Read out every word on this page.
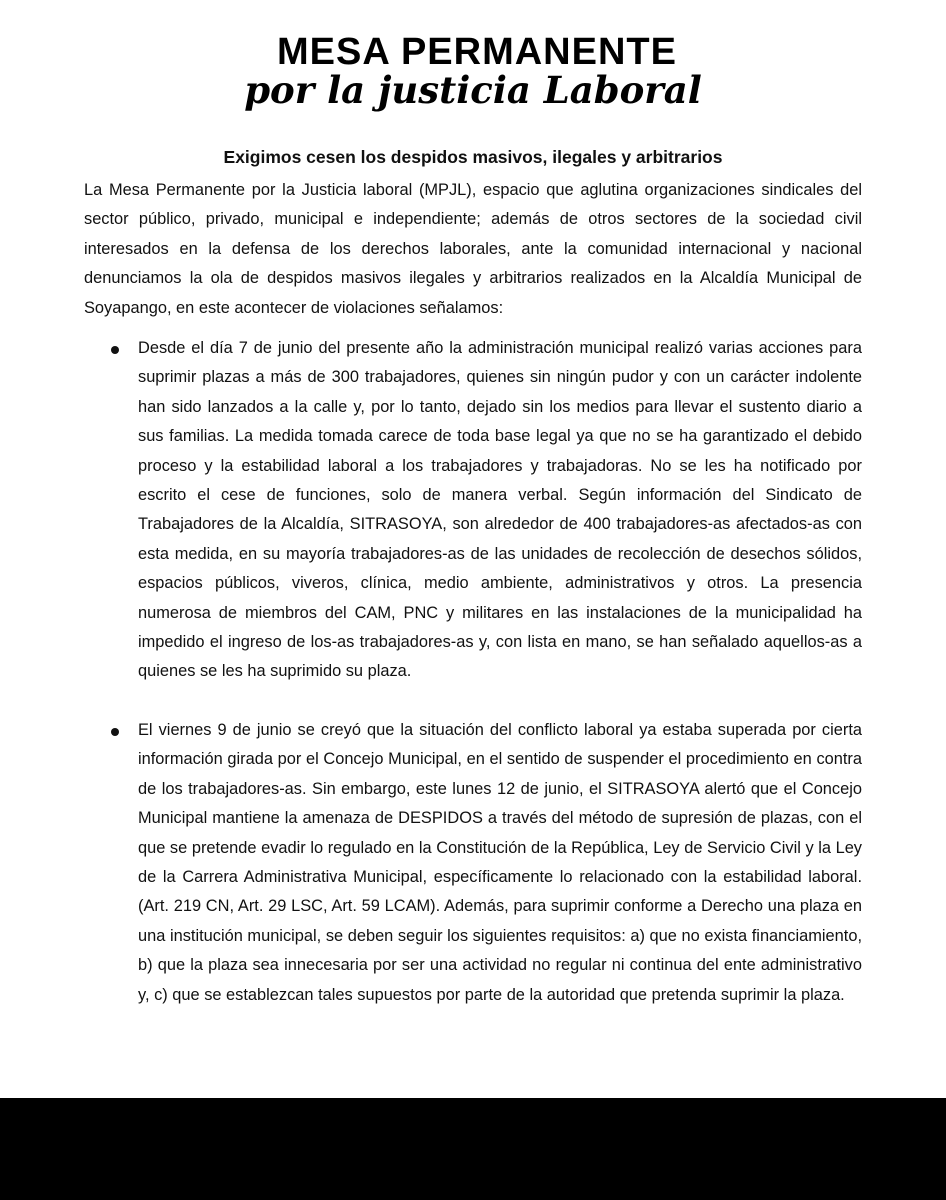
MESA PERMANENTE
por la justicia Laboral
Exigimos cesen los despidos masivos, ilegales y arbitrarios

La Mesa Permanente por la Justicia laboral (MPJL), espacio que aglutina organizaciones sindicales del sector público, privado, municipal e independiente; además de otros sectores de la sociedad civil interesados en la defensa de los derechos laborales, ante la comunidad internacional y nacional denunciamos la ola de despidos masivos ilegales y arbitrarios realizados en la Alcaldía Municipal de Soyapango, en este acontecer de violaciones señalamos:

Desde el día 7 de junio del presente año la administración municipal realizó varias acciones para suprimir plazas a más de 300 trabajadores, quienes sin ningún pudor y con un carácter indolente han sido lanzados a la calle y, por lo tanto, dejado sin los medios para llevar el sustento diario a sus familias. La medida tomada carece de toda base legal ya que no se ha garantizado el debido proceso y la estabilidad laboral a los trabajadores y trabajadoras. No se les ha notificado por escrito el cese de funciones, solo de manera verbal. Según información del Sindicato de Trabajadores de la Alcaldía, SITRASOYA, son alrededor de 400 trabajadores-as afectados-as con esta medida, en su mayoría trabajadores-as de las unidades de recolección de desechos sólidos, espacios públicos, viveros, clínica, medio ambiente, administrativos y otros. La presencia numerosa de miembros del CAM, PNC y militares en las instalaciones de la municipalidad ha impedido el ingreso de los-as trabajadores-as y, con lista en mano, se han señalado aquellos-as a quienes se les ha suprimido su plaza.

El viernes 9 de junio se creyó que la situación del conflicto laboral ya estaba superada por cierta información girada por el Concejo Municipal, en el sentido de suspender el procedimiento en contra de los trabajadores-as. Sin embargo, este lunes 12 de junio, el SITRASOYA alertó que el Concejo Municipal mantiene la amenaza de DESPIDOS a través del método de supresión de plazas, con el que se pretende evadir lo regulado en la Constitución de la República, Ley de Servicio Civil y la Ley de la Carrera Administrativa Municipal, específicamente lo relacionado con la estabilidad laboral. (Art. 219 CN, Art. 29 LSC, Art. 59 LCAM). Además, para suprimir conforme a Derecho una plaza en una institución municipal, se deben seguir los siguientes requisitos: a) que no exista financiamiento, b) que la plaza sea innecesaria por ser una actividad no regular ni continua del ente administrativo y, c) que se establezcan tales supuestos por parte de la autoridad que pretenda suprimir la plaza.
